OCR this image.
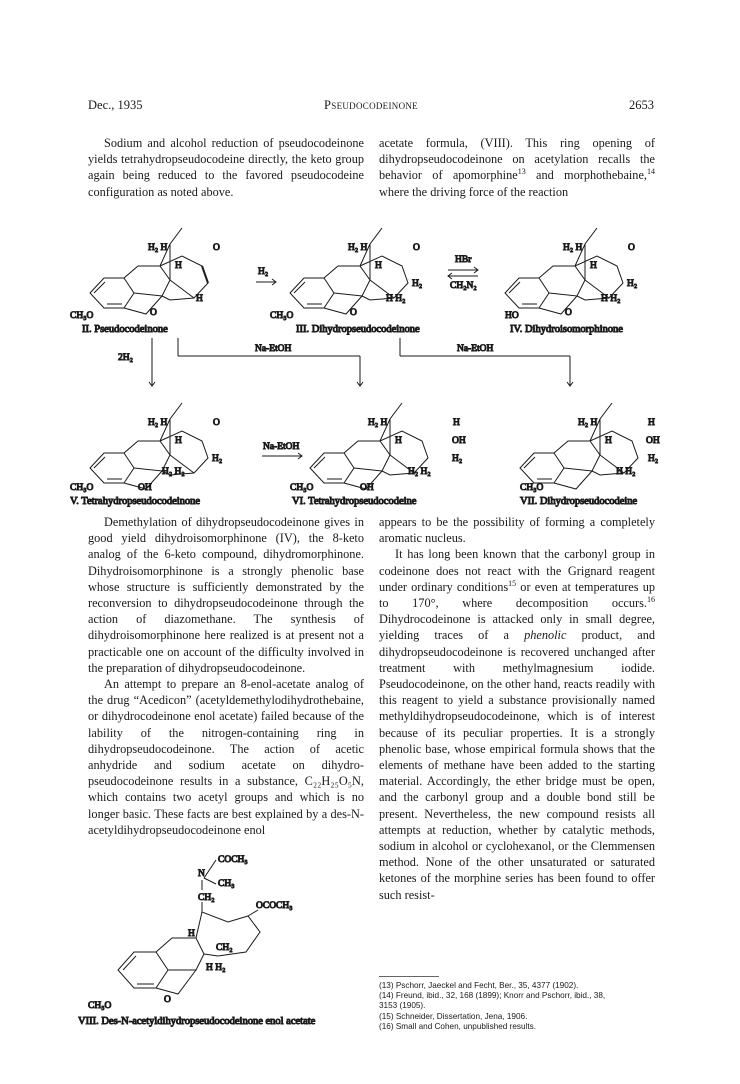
Dec., 1935	Pseudocodeinone	2653

Sodium and alcohol reduction of pseudocodeinone yields tetrahydropseudocodeine directly, the keto group again being reduced to the favored pseudocodeine configuration as noted above.

acetate formula, (VIII). This ring opening of dihydropseudocodeinone on acetylation recalls the behavior of apomorphine$^{13}$ and morphothebaine,$^{14}$ where the driving force of the reaction

H₂ H	O
H
H
O
CH₃O
II. Pseudocodeinone
H₂
H₂ H	O
H
H₂
H H₂
O
CH₃O
III. Dihydropseudocodeinone
HBr
CH₂N₂
H₂ H	O
H
H₂
H H₂
O
HO
IV. Dihydroisomorphinone
2H₂
Na-EtOH	Na-EtOH
H₂ H	O
H
H₂
H₂ H₂
OH
CH₃O
V. Tetrahydropseudocodeinone
Na-EtOH
H₂ H	H
H	OH
H₂
H₂ H₂
OH
CH₃O
VI. Tetrahydropseudocodeine
H₂ H	H
H	OH
H₂
H H₂
CH₃O
VII. Dihydropseudocodeine

Demethylation of dihydropseudocodeinone gives in good yield dihydroisomorphinone (IV), the 8-keto analog of the 6-keto compound, dihydromorphinone. Dihydroisomorphinone is a strongly phenolic base whose structure is sufficiently demonstrated by the reconversion to dihydropseudocodeinone through the action of diazomethane. The synthesis of dihydroisomorphinone here realized is at present not a practicable one on account of the difficulty involved in the preparation of dihydropseudocodeinone.

An attempt to prepare an 8-enol-acetate analog of the drug “Acedicon” (acetyldemethylodihydrothebaine, or dihydrocodeinone enol acetate) failed because of the lability of the nitrogen-containing ring in dihydropseudocodeinone. The action of acetic anhydride and sodium acetate on dihydropseudocodeinone results in a substance, C₂₂H₂₅O₅N, which contains two acetyl groups and which is no longer basic. These facts are best explained by a des-N-acetyldihydropseudocodeinone enol

appears to be the possibility of forming a completely aromatic nucleus.

It has long been known that the carbonyl group in codeinone does not react with the Grignard reagent under ordinary conditions$^{15}$ or even at temperatures up to 170°, where decomposition occurs.$^{16}$ Dihydrocodeinone is attacked only in small degree, yielding traces of a phenolic product, and dihydropseudocodeinone is recovered unchanged after treatment with methylmagnesium iodide. Pseudocodeinone, on the other hand, reacts readily with this reagent to yield a substance provisionally named methyldihydropseudocodeinone, which is of interest because of its peculiar properties. It is a strongly phenolic base, whose empirical formula shows that the elements of methane have been added to the starting material. Accordingly, the ether bridge must be open, and the carbonyl group and a double bond still be present. Nevertheless, the new compound resists all attempts at reduction, whether by catalytic methods, sodium in alcohol or cyclohexanol, or the Clemmensen method. None of the other unsaturated or saturated ketones of the morphine series has been found to offer such resist-

COCH₃
N
CH₃
CH₂
OCOCH₃
H
CH₂
H H₂
O
CH₃O
VIII. Des-N-acetyldihydropseudocodeinone enol acetate
(13) Pschorr, Jaeckel and Fecht, Ber., 35, 4377 (1902).
(14) Freund, ibid., 32, 168 (1899); Knorr and Pschorr, ibid., 38,
3153 (1905).
(15) Schneider, Dissertation, Jena, 1906.
(16) Small and Cohen, unpublished results.
